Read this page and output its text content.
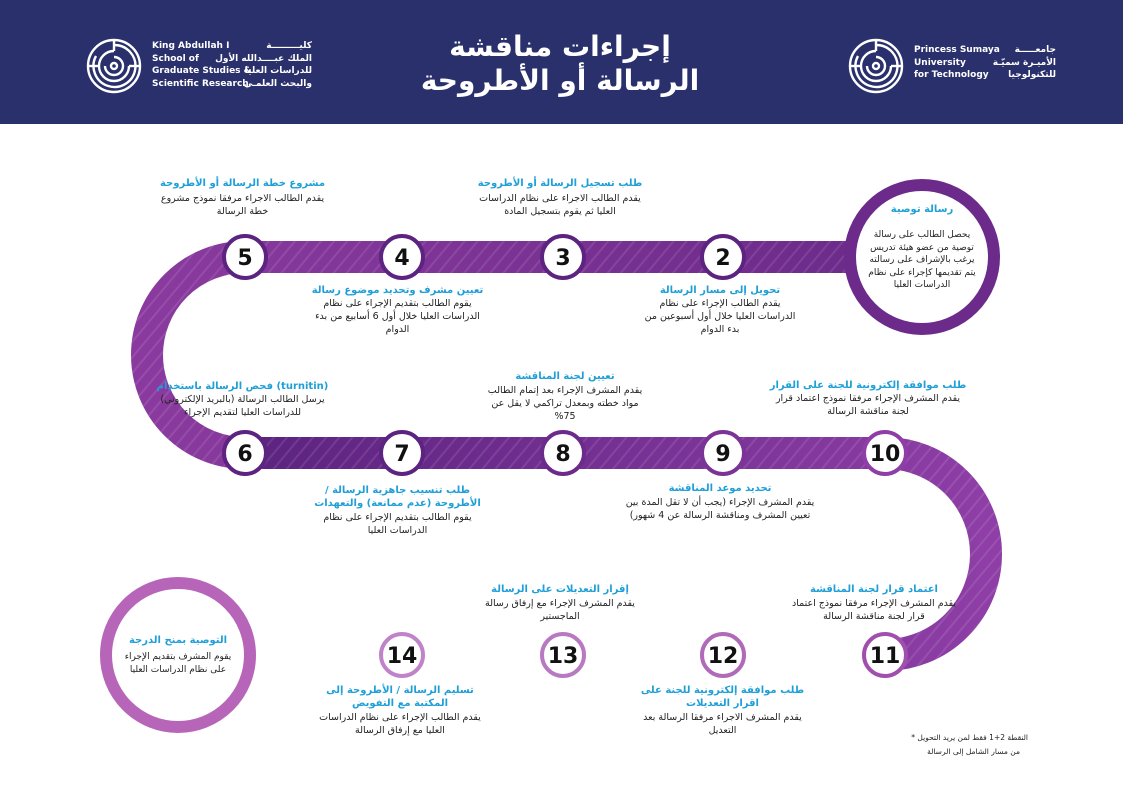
King Abdullah I
School of
Graduate Studies &
Scientific Research
كليـــــــــة
الملك عبــــدالله الأول
للدراسات العليا
والبحث العلمـي
إجراءات مناقشة
الرسالة أو الأطروحة
Princess Sumaya
University
for Technology
جامعـــــة
الأميـرة سميّـة
للتكنولوجيا
2
3
4
5
6	7	8	9	10
11
12
13
14
رسالة توصية
يحصل الطالب على رسالة توصية من عضو هيئة تدريس يرغب بالإشراف على رسالته يتم تقديمها كإجراء على نظام الدراسات العليا
التوصية بمنح الدرجة
يقوم المشرف بتقديم الإجراء على نظام الدراسات العليا
تحويل إلى مسار الرسالة
يقدم الطالب الإجراء على نظام الدراسات العليا خلال أول أسبوعين من بدء الدوام
طلب تسجيل الرسالة أو الأطروحة
يقدم الطالب الاجراء على نظام الدراسات العليا ثم يقوم بتسجيل المادة
تعيين مشرف وتحديد موضوع رسالة
يقوم الطالب بتقديم الإجراء على نظام الدراسات العليا خلال أول 6 أسابيع من بدء الدوام
مشروع خطة الرسالة أو الأطروحة
يقدم الطالب الاجراء مرفقا نموذج مشروع خطة الرسالة
(turnitin) فحص الرسالة باستخدام
يرسل الطالب الرسالة (بالبريد الإلكتروني) للدراسات العليا لتقديم الإجراء
طلب تنسيب جاهزية الرسالة /الأطروحة (عدم ممانعة) والتعهدات
يقوم الطالب بتقديم الإجراء على نظام الدراسات العليا
تعيين لجنة المناقشة
يقدم المشرف الإجراء بعد إتمام الطالب مواد خطته وبمعدل تراكمي لا يقل عن 75%
تحديد موعد المناقشة
يقدم المشرف الإجراء (يجب أن لا تقل المدة بين تعيين المشرف ومناقشة الرسالة عن 4 شهور)
طلب موافقة إلكترونية للجنة على القرار
يقدم المشرف الإجراء مرفقا نموذج اعتماد قرار لجنة مناقشة الرسالة
اعتماد قرار لجنة المناقشة
يقدم المشرف الإجراء مرفقا نموذج اعتماد قرار لجنة مناقشة الرسالة
طلب موافقة إلكترونية للجنة على اقرار التعديلات
يقدم المشرف الاجراء مرفقا الرسالة بعد التعديل
إقرار التعديلات على الرسالة
يقدم المشرف الإجراء مع إرفاق رسالة الماجستير
تسليم الرسالة / الأطروحة إلى المكتبة مع التفويض
يقدم الطالب الإجراء على نظام الدراسات العليا مع إرفاق الرسالة
النقطة 2+1 فقط لمن يريد التحويل *
من مسار الشامل إلى الرسالة
